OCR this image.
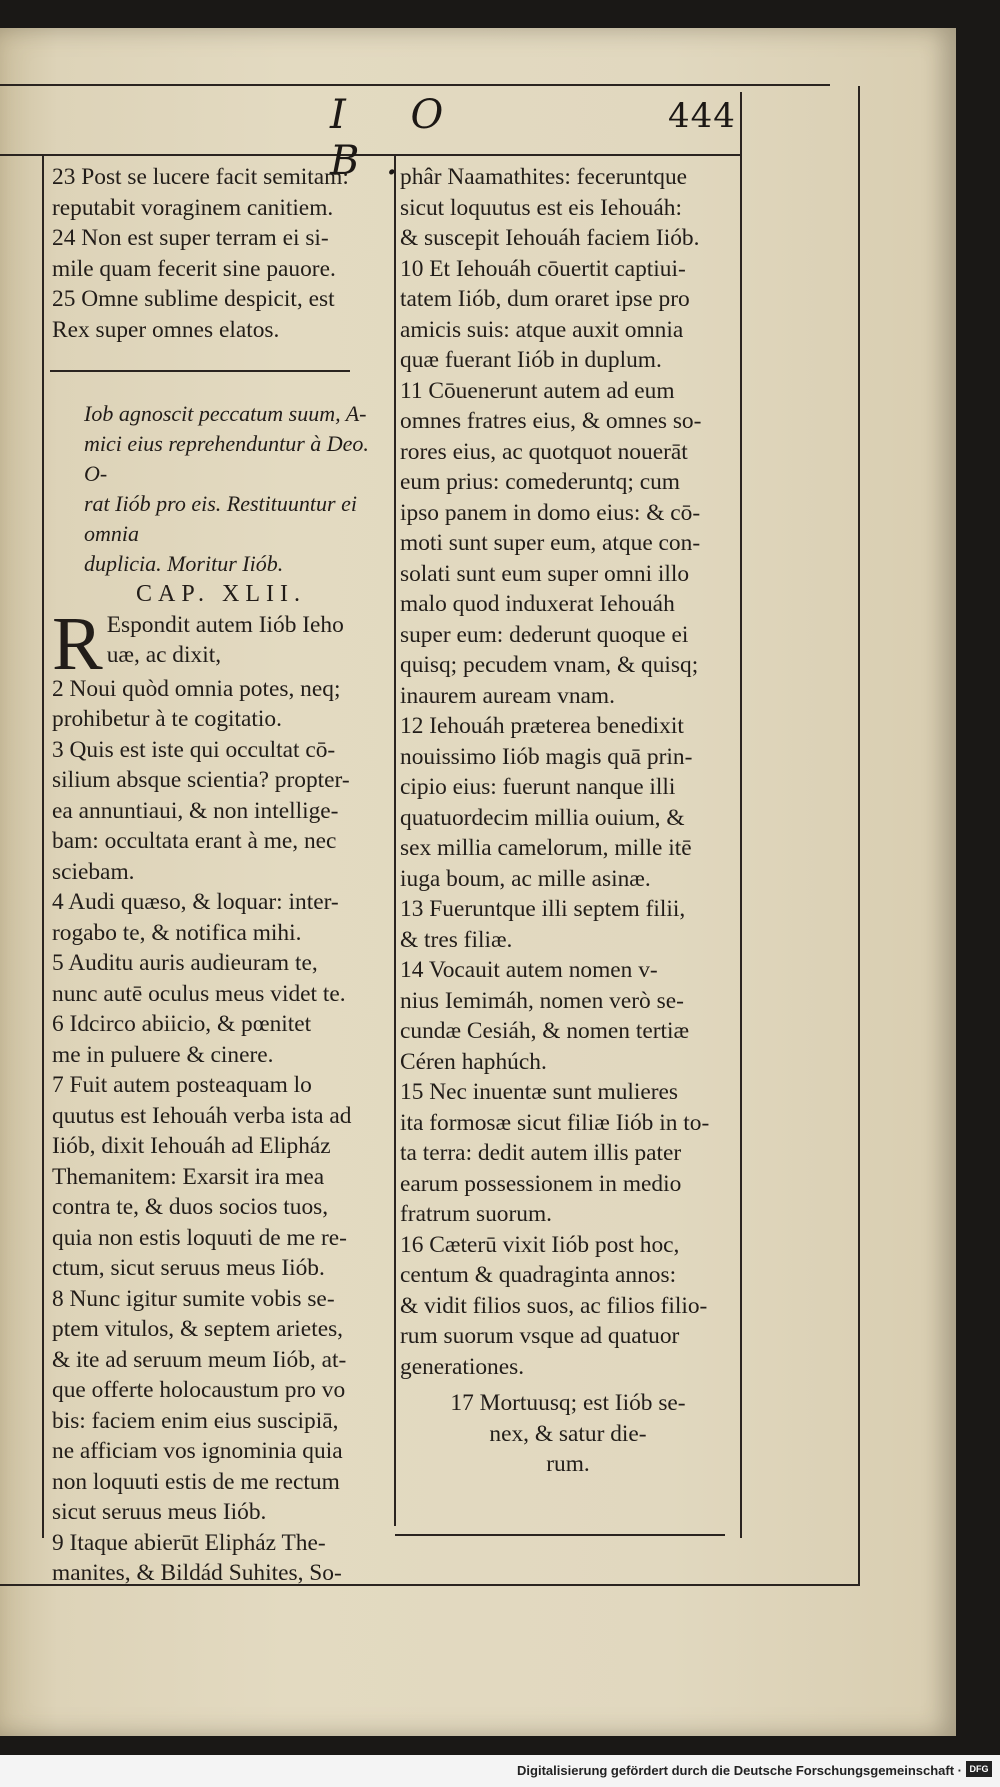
I O B.
444

23 Post se lucere facit semitam:

reputabit voraginem canitiem.

24 Non est super terram ei si-

mile quam fecerit sine pauore.

25 Omne sublime despicit, est

Rex super omnes elatos.

Iob agnoscit peccatum suum, A-

mici eius reprehenduntur à Deo. O-

rat Iiób pro eis. Restituuntur ei omnia

duplicia. Moritur Iiób.

CAP. XLII.

R Espondit autem Iiób Ieho

uæ, ac dixit,

2 Noui quòd omnia potes, neq;

prohibetur à te cogitatio.

3 Quis est iste qui occultat cō-

silium absque scientia? propter-

ea annuntiaui, & non intellige-

bam: occultata erant à me, nec

sciebam.

4 Audi quæso, & loquar: inter-

rogabo te, & notifica mihi.

5 Auditu auris audieuram te,

nunc autē oculus meus videt te.

6 Idcirco abiicio, & pœnitet

me in puluere & cinere.

7 Fuit autem posteaquam lo

quutus est Iehouáh verba ista ad

Iiób, dixit Iehouáh ad Elipház

Themanitem: Exarsit ira mea

contra te, & duos socios tuos,

quia non estis loquuti de me re-

ctum, sicut seruus meus Iiób.

8 Nunc igitur sumite vobis se-

ptem vitulos, & septem arietes,

& ite ad seruum meum Iiób, at-

que offerte holocaustum pro vo

bis: faciem enim eius suscipiā,

ne afficiam vos ignominia quia

non loquuti estis de me rectum

sicut seruus meus Iiób.

9 Itaque abierūt Elipház The-

manites, & Bildád Suhites, So-

phâr Naamathites: feceruntque

sicut loquutus est eis Iehouáh:

& suscepit Iehouáh faciem Iiób.

10 Et Iehouáh cōuertit captiui-

tatem Iiób, dum oraret ipse pro

amicis suis: atque auxit omnia

quæ fuerant Iiób in duplum.

11 Cōuenerunt autem ad eum

omnes fratres eius, & omnes so-

rores eius, ac quotquot nouerāt

eum prius: comederuntq; cum

ipso panem in domo eius: & cō-

moti sunt super eum, atque con-

solati sunt eum super omni illo

malo quod induxerat Iehouáh

super eum: dederunt quoque ei

quisq; pecudem vnam, & quisq;

inaurem auream vnam.

12 Iehouáh præterea benedixit

nouissimo Iiób magis quā prin-

cipio eius: fuerunt nanque illi

quatuordecim millia ouium, &

sex millia camelorum, mille itē

iuga boum, ac mille asinæ.

13 Fueruntque illi septem filii,

& tres filiæ.

14 Vocauit autem nomen v-

nius Iemimáh, nomen verò se-

cundæ Cesiáh, & nomen tertiæ

Céren haphúch.

15 Nec inuentæ sunt mulieres

ita formosæ sicut filiæ Iiób in to-

ta terra: dedit autem illis pater

earum possessionem in medio

fratrum suorum.

16 Cæterū vixit Iiób post hoc,

centum & quadraginta annos:

& vidit filios suos, ac filios filio-

rum suorum vsque ad quatuor

generationes.

17 Mortuusq; est Iiób se-

nex, & satur die-

rum.

Digitalisierung gefördert durch die Deutsche Forschungsgemeinschaft · DFG
